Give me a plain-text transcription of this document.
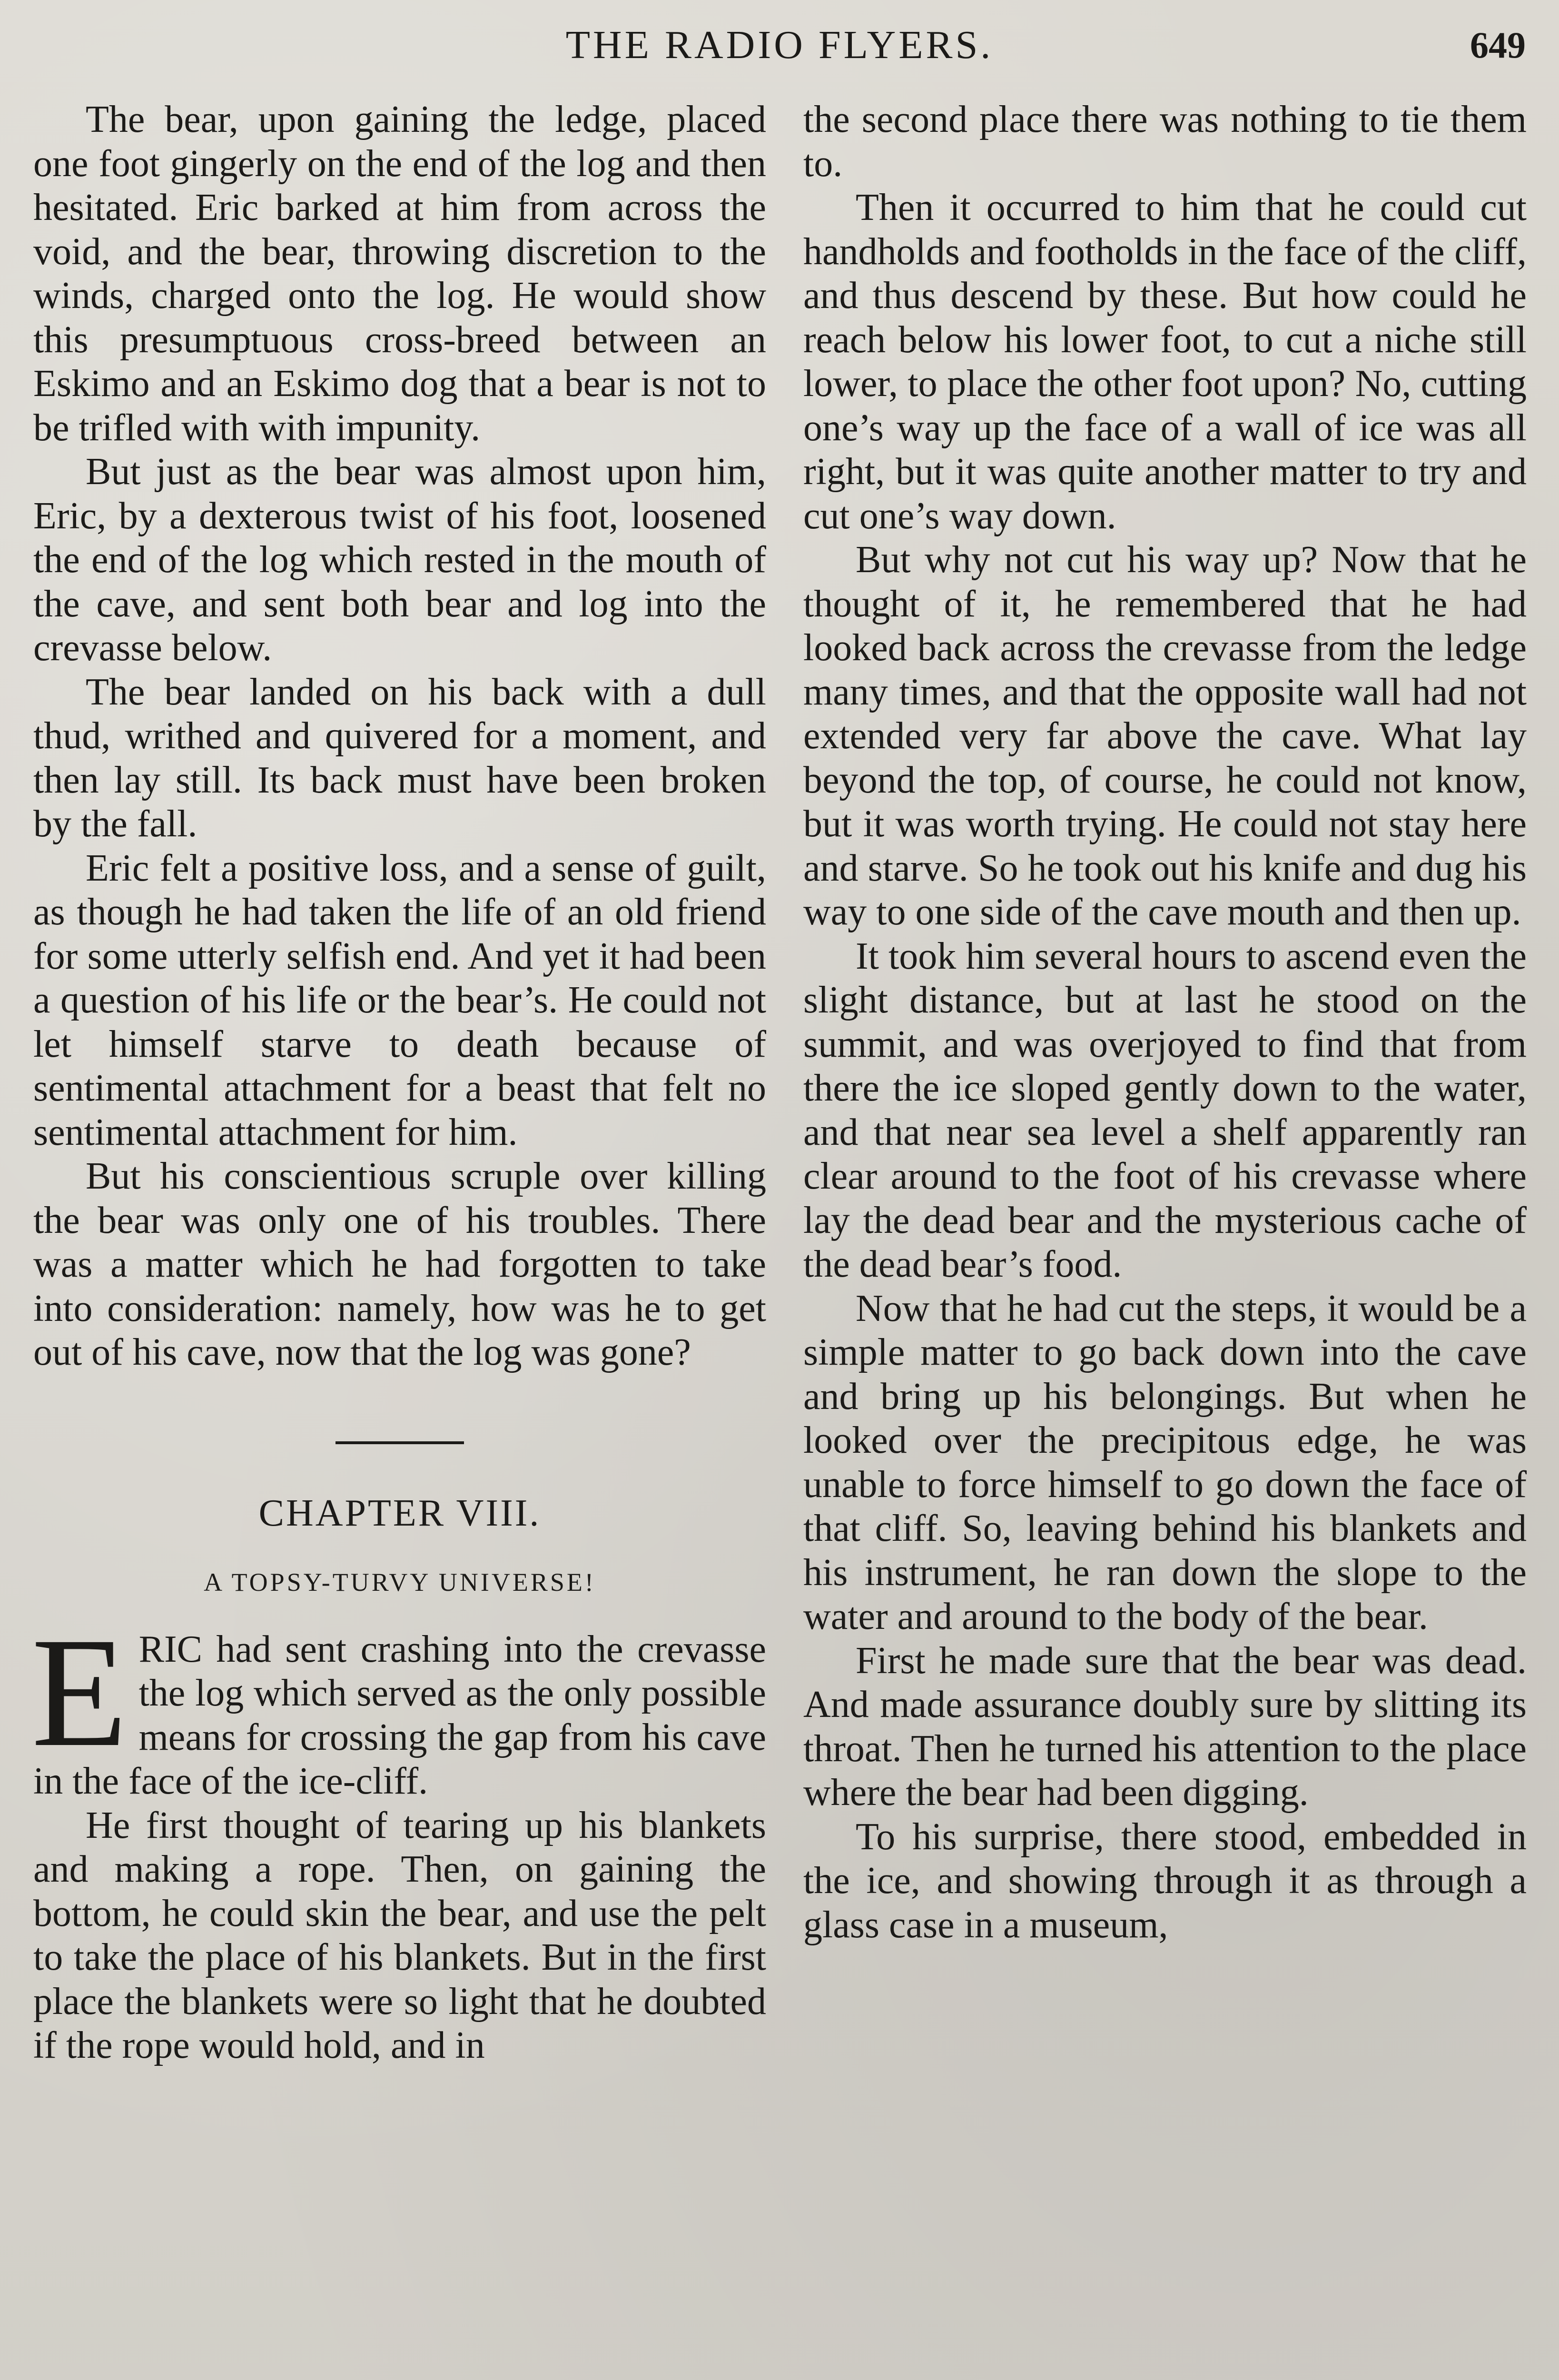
THE RADIO FLYERS.	649

The bear, upon gaining the ledge, placed one foot gingerly on the end of the log and then hesitated. Eric barked at him from across the void, and the bear, throwing discretion to the winds, charged onto the log. He would show this presumptuous cross-breed between an Eskimo and an Eskimo dog that a bear is not to be trifled with with impunity.

But just as the bear was almost upon him, Eric, by a dexterous twist of his foot, loosened the end of the log which rested in the mouth of the cave, and sent both bear and log into the crevasse below.

The bear landed on his back with a dull thud, writhed and quivered for a moment, and then lay still. Its back must have been broken by the fall.

Eric felt a positive loss, and a sense of guilt, as though he had taken the life of an old friend for some utterly selfish end. And yet it had been a question of his life or the bear’s. He could not let himself starve to death because of sentimental attachment for a beast that felt no sentimental attachment for him.

But his conscientious scruple over killing the bear was only one of his troubles. There was a matter which he had forgotten to take into consideration: namely, how was he to get out of his cave, now that the log was gone?

CHAPTER VIII.
A TOPSY-TURVY UNIVERSE!

ERIC had sent crashing into the crevasse the log which served as the only possible means for crossing the gap from his cave in the face of the ice-cliff.

He first thought of tearing up his blankets and making a rope. Then, on gaining the bottom, he could skin the bear, and use the pelt to take the place of his blankets. But in the first place the blankets were so light that he doubted if the rope would hold, and in

the second place there was nothing to tie them to.

Then it occurred to him that he could cut handholds and footholds in the face of the cliff, and thus descend by these. But how could he reach below his lower foot, to cut a niche still lower, to place the other foot upon? No, cutting one’s way up the face of a wall of ice was all right, but it was quite another matter to try and cut one’s way down.

But why not cut his way up? Now that he thought of it, he remembered that he had looked back across the crevasse from the ledge many times, and that the opposite wall had not extended very far above the cave. What lay beyond the top, of course, he could not know, but it was worth trying. He could not stay here and starve. So he took out his knife and dug his way to one side of the cave mouth and then up.

It took him several hours to ascend even the slight distance, but at last he stood on the summit, and was overjoyed to find that from there the ice sloped gently down to the water, and that near sea level a shelf apparently ran clear around to the foot of his crevasse where lay the dead bear and the mysterious cache of the dead bear’s food.

Now that he had cut the steps, it would be a simple matter to go back down into the cave and bring up his belongings. But when he looked over the precipitous edge, he was unable to force himself to go down the face of that cliff. So, leaving behind his blankets and his instrument, he ran down the slope to the water and around to the body of the bear.

First he made sure that the bear was dead. And made assurance doubly sure by slitting its throat. Then he turned his attention to the place where the bear had been digging.

To his surprise, there stood, embedded in the ice, and showing through it as through a glass case in a museum,
